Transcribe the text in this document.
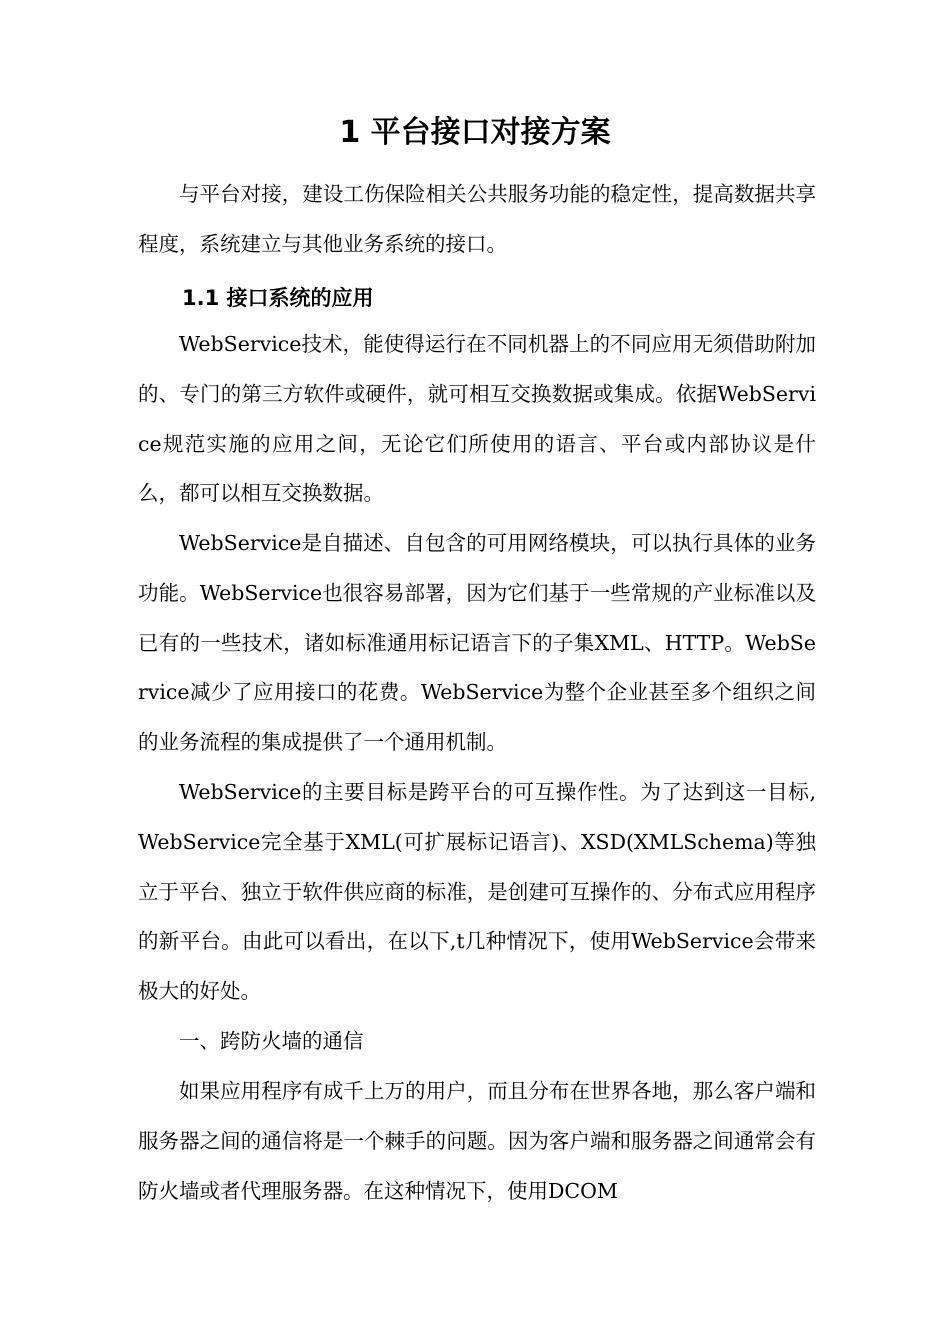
1 平台接口对接方案

与平台对接，建设工伤保险相关公共服务功能的稳定性，提高数据共享程度，系统建立与其他业务系统的接口。

1.1 接口系统的应用

WebService技术，能使得运行在不同机器上的不同应用无须借助附加的、专门的第三方软件或硬件，就可相互交换数据或集成。依据WebService规范实施的应用之间，无论它们所使用的语言、平台或内部协议是什么，都可以相互交换数据。

WebService是自描述、自包含的可用网络模块，可以执行具体的业务功能。WebService也很容易部署，因为它们基于一些常规的产业标准以及已有的一些技术，诸如标准通用标记语言下的子集XML、HTTP。WebService减少了应用接口的花费。WebService为整个企业甚至多个组织之间的业务流程的集成提供了一个通用机制。

WebService的主要目标是跨平台的可互操作性。为了达到这一目标, WebService完全基于XML(可扩展标记语言)、XSD(XMLSchema)等独立于平台、独立于软件供应商的标准，是创建可互操作的、分布式应用程序的新平台。由此可以看出，在以下,t几种情况下，使用WebService会带来极大的好处。

一、跨防火墙的通信

如果应用程序有成千上万的用户，而且分布在世界各地，那么客户端和服务器之间的通信将是一个棘手的问题。因为客户端和服务器之间通常会有防火墙或者代理服务器。在这种情况下，使用DCOM
